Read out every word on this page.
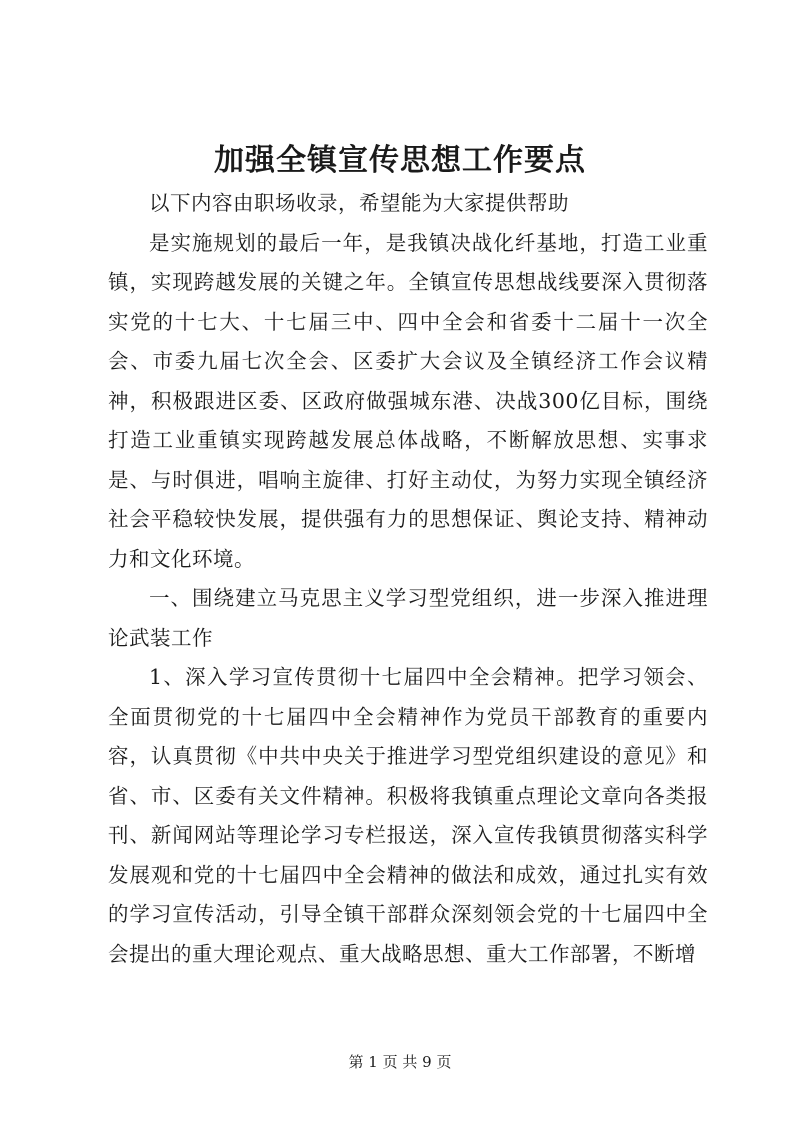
加强全镇宣传思想工作要点

以下内容由职场收录，希望能为大家提供帮助

是实施规划的最后一年，是我镇决战化纤基地，打造工业重镇，实现跨越发展的关键之年。全镇宣传思想战线要深入贯彻落实党的十七大、十七届三中、四中全会和省委十二届十一次全会、市委九届七次全会、区委扩大会议及全镇经济工作会议精神，积极跟进区委、区政府做强城东港、决战300亿目标，围绕打造工业重镇实现跨越发展总体战略，不断解放思想、实事求是、与时俱进，唱响主旋律、打好主动仗，为努力实现全镇经济社会平稳较快发展，提供强有力的思想保证、舆论支持、精神动力和文化环境。

一、围绕建立马克思主义学习型党组织，进一步深入推进理论武装工作

1、深入学习宣传贯彻十七届四中全会精神。把学习领会、全面贯彻党的十七届四中全会精神作为党员干部教育的重要内容，认真贯彻《中共中央关于推进学习型党组织建设的意见》和省、市、区委有关文件精神。积极将我镇重点理论文章向各类报刊、新闻网站等理论学习专栏报送，深入宣传我镇贯彻落实科学发展观和党的十七届四中全会精神的做法和成效，通过扎实有效的学习宣传活动，引导全镇干部群众深刻领会党的十七届四中全会提出的重大理论观点、重大战略思想、重大工作部署，不断增

第 1 页 共 9 页
